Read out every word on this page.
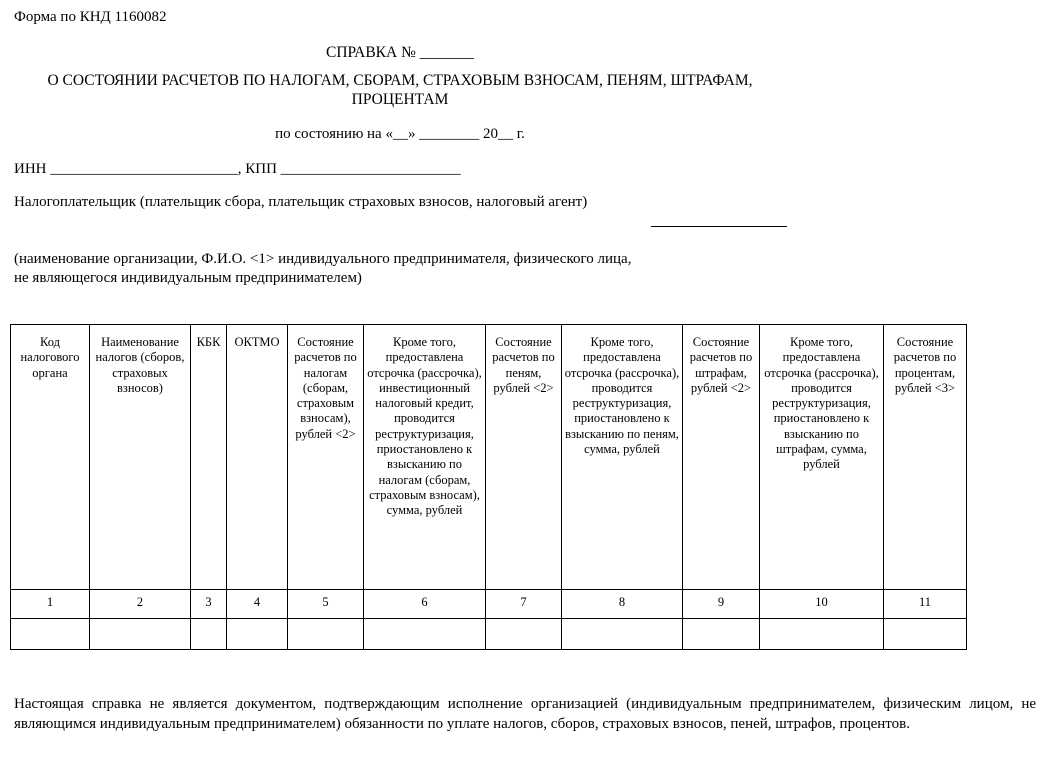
Форма по КНД 1160082
СПРАВКА № _______
О СОСТОЯНИИ РАСЧЕТОВ ПО НАЛОГАМ, СБОРАМ, СТРАХОВЫМ ВЗНОСАМ, ПЕНЯМ, ШТРАФАМ, ПРОЦЕНТАМ
по состоянию на «__» ________ 20__ г.
ИНН _________________________, КПП ________________________
Налогоплательщик (плательщик сбора, плательщик страховых взносов, налоговый агент)
(наименование организации, Ф.И.О. <1> индивидуального предпринимателя, физического лица, не являющегося индивидуальным предпринимателем)
Код налогового органа	Наименование налогов (сборов, страховых взносов)	КБК	ОКТМО	Состояние расчетов по налогам (сборам, страховым взносам), рублей <2>	Кроме того, предоставлена отсрочка (рассрочка), инвестиционный налоговый кредит, проводится реструктуризация, приостановлено к взысканию по налогам (сборам, страховым взносам), сумма, рублей	Состояние расчетов по пеням, рублей <2>	Кроме того, предоставлена отсрочка (рассрочка), проводится реструктуризация, приостановлено к взысканию по пеням, сумма, рублей	Состояние расчетов по штрафам, рублей <2>	Кроме того, предоставлена отсрочка (рассрочка), проводится реструктуризация, приостановлено к взысканию по штрафам, сумма, рублей	Состояние расчетов по процентам, рублей <3>
1	2	3	4	5	6	7	8	9	10	11

Настоящая справка не является документом, подтверждающим исполнение организацией (индивидуальным предпринимателем, физическим лицом, не являющимся индивидуальным предпринимателем) обязанности по уплате налогов, сборов, страховых взносов, пеней, штрафов, процентов.
